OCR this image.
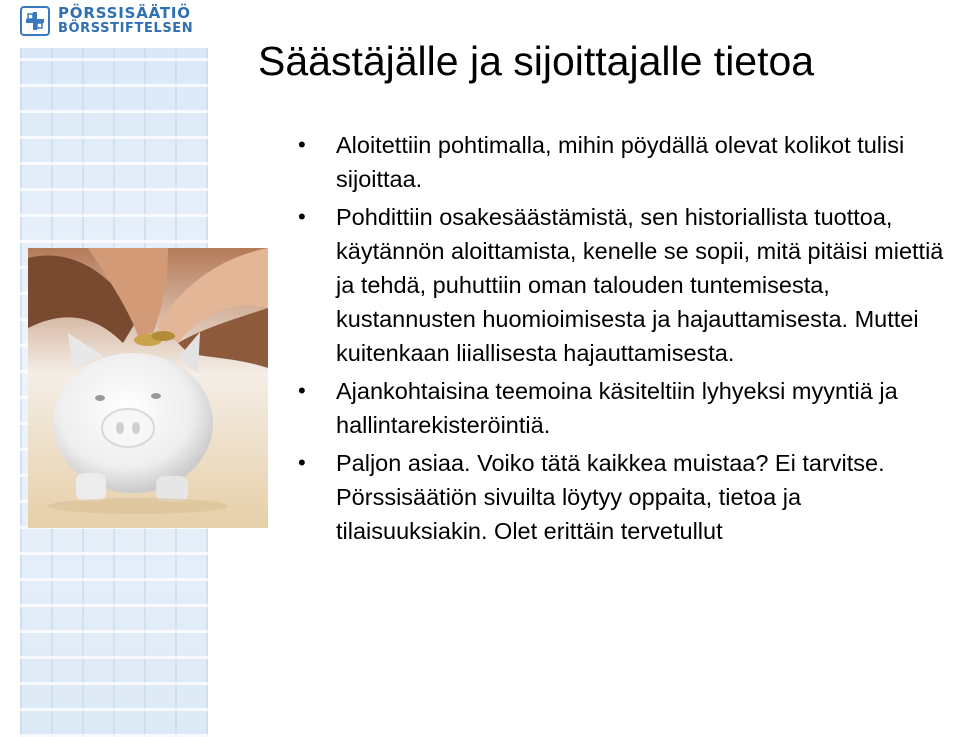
PÖRSSISÄÄTIÖ
BÖRSSTIFTELSEN
Säästäjälle ja sijoittajalle tietoa
• Aloitettiin pohtimalla, mihin pöydällä olevat kolikot tulisi sijoittaa.
• Pohdittiin osakesäästämistä, sen historiallista tuottoa, käytännön aloittamista, kenelle se sopii, mitä pitäisi miettiä ja tehdä, puhuttiin oman talouden tuntemisesta, kustannusten huomioimisesta ja hajauttamisesta. Muttei kuitenkaan liiallisesta hajauttamisesta.
• Ajankohtaisina teemoina käsiteltiin lyhyeksi myyntiä ja hallintarekisteröintiä.
• Paljon asiaa. Voiko tätä kaikkea muistaa? Ei tarvitse. Pörssisäätiön sivuilta löytyy oppaita, tietoa ja tilaisuuksiakin. Olet erittäin tervetullut
